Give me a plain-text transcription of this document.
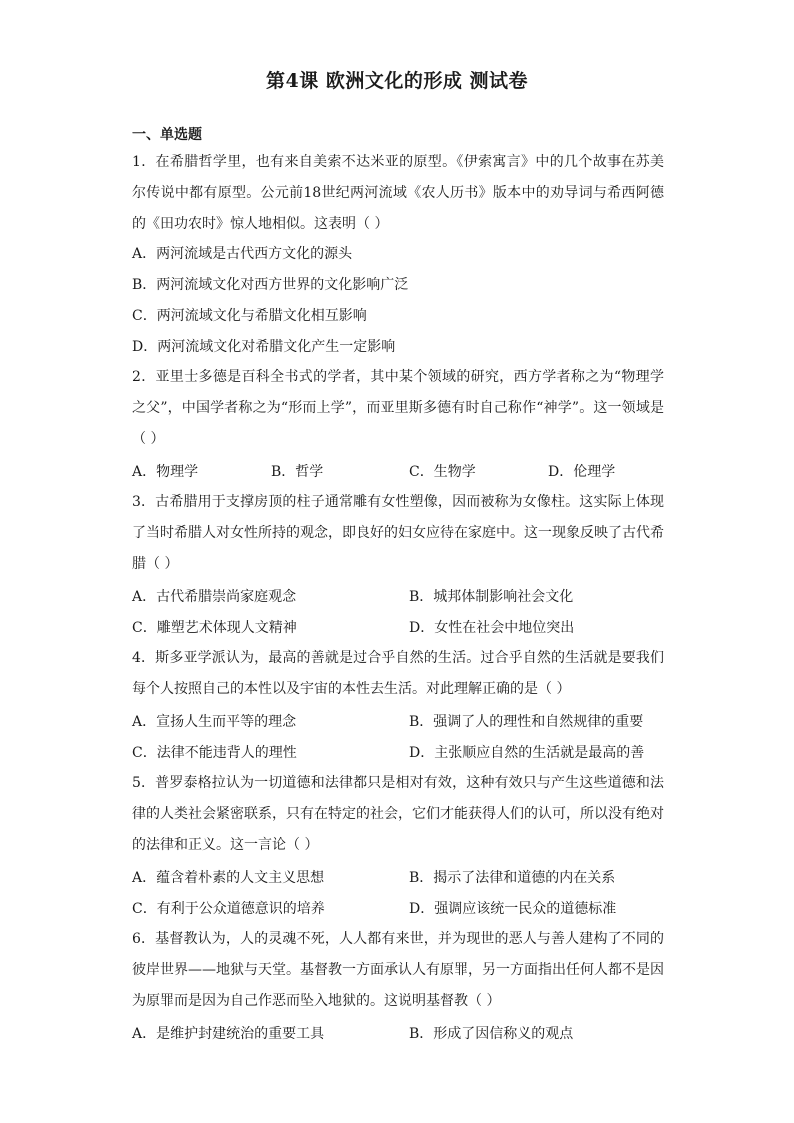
第4课 欧洲文化的形成 测试卷
一、单选题
1．在希腊哲学里，也有来自美索不达米亚的原型。《伊索寓言》中的几个故事在苏美尔传说中都有原型。公元前18世纪两河流域《农人历书》版本中的劝导词与希西阿德的《田功农时》惊人地相似。这表明（ ）
A．两河流域是古代西方文化的源头
B．两河流域文化对西方世界的文化影响广泛
C．两河流域文化与希腊文化相互影响
D．两河流域文化对希腊文化产生一定影响
2．亚里士多德是百科全书式的学者，其中某个领域的研究，西方学者称之为“物理学之父”，中国学者称之为“形而上学”，而亚里斯多德有时自己称作“神学”。这一领域是（ ）
A．物理学	B．哲学	C．生物学	D．伦理学
3．古希腊用于支撑房顶的柱子通常雕有女性塑像，因而被称为女像柱。这实际上体现了当时希腊人对女性所持的观念，即良好的妇女应待在家庭中。这一现象反映了古代希腊（ ）
A．古代希腊崇尚家庭观念	B．城邦体制影响社会文化
C．雕塑艺术体现人文精神	D．女性在社会中地位突出
4．斯多亚学派认为，最高的善就是过合乎自然的生活。过合乎自然的生活就是要我们每个人按照自己的本性以及宇宙的本性去生活。对此理解正确的是（ ）
A．宣扬人生而平等的理念	B．强调了人的理性和自然规律的重要
C．法律不能违背人的理性	D．主张顺应自然的生活就是最高的善
5．普罗泰格拉认为一切道德和法律都只是相对有效，这种有效只与产生这些道德和法律的人类社会紧密联系，只有在特定的社会，它们才能获得人们的认可，所以没有绝对的法律和正义。这一言论（ ）
A．蕴含着朴素的人文主义思想	B．揭示了法律和道德的内在关系
C．有利于公众道德意识的培养	D．强调应该统一民众的道德标准
6．基督教认为，人的灵魂不死，人人都有来世，并为现世的恶人与善人建构了不同的彼岸世界——地狱与天堂。基督教一方面承认人有原罪，另一方面指出任何人都不是因为原罪而是因为自己作恶而坠入地狱的。这说明基督教（ ）
A．是维护封建统治的重要工具	B．形成了因信称义的观点
